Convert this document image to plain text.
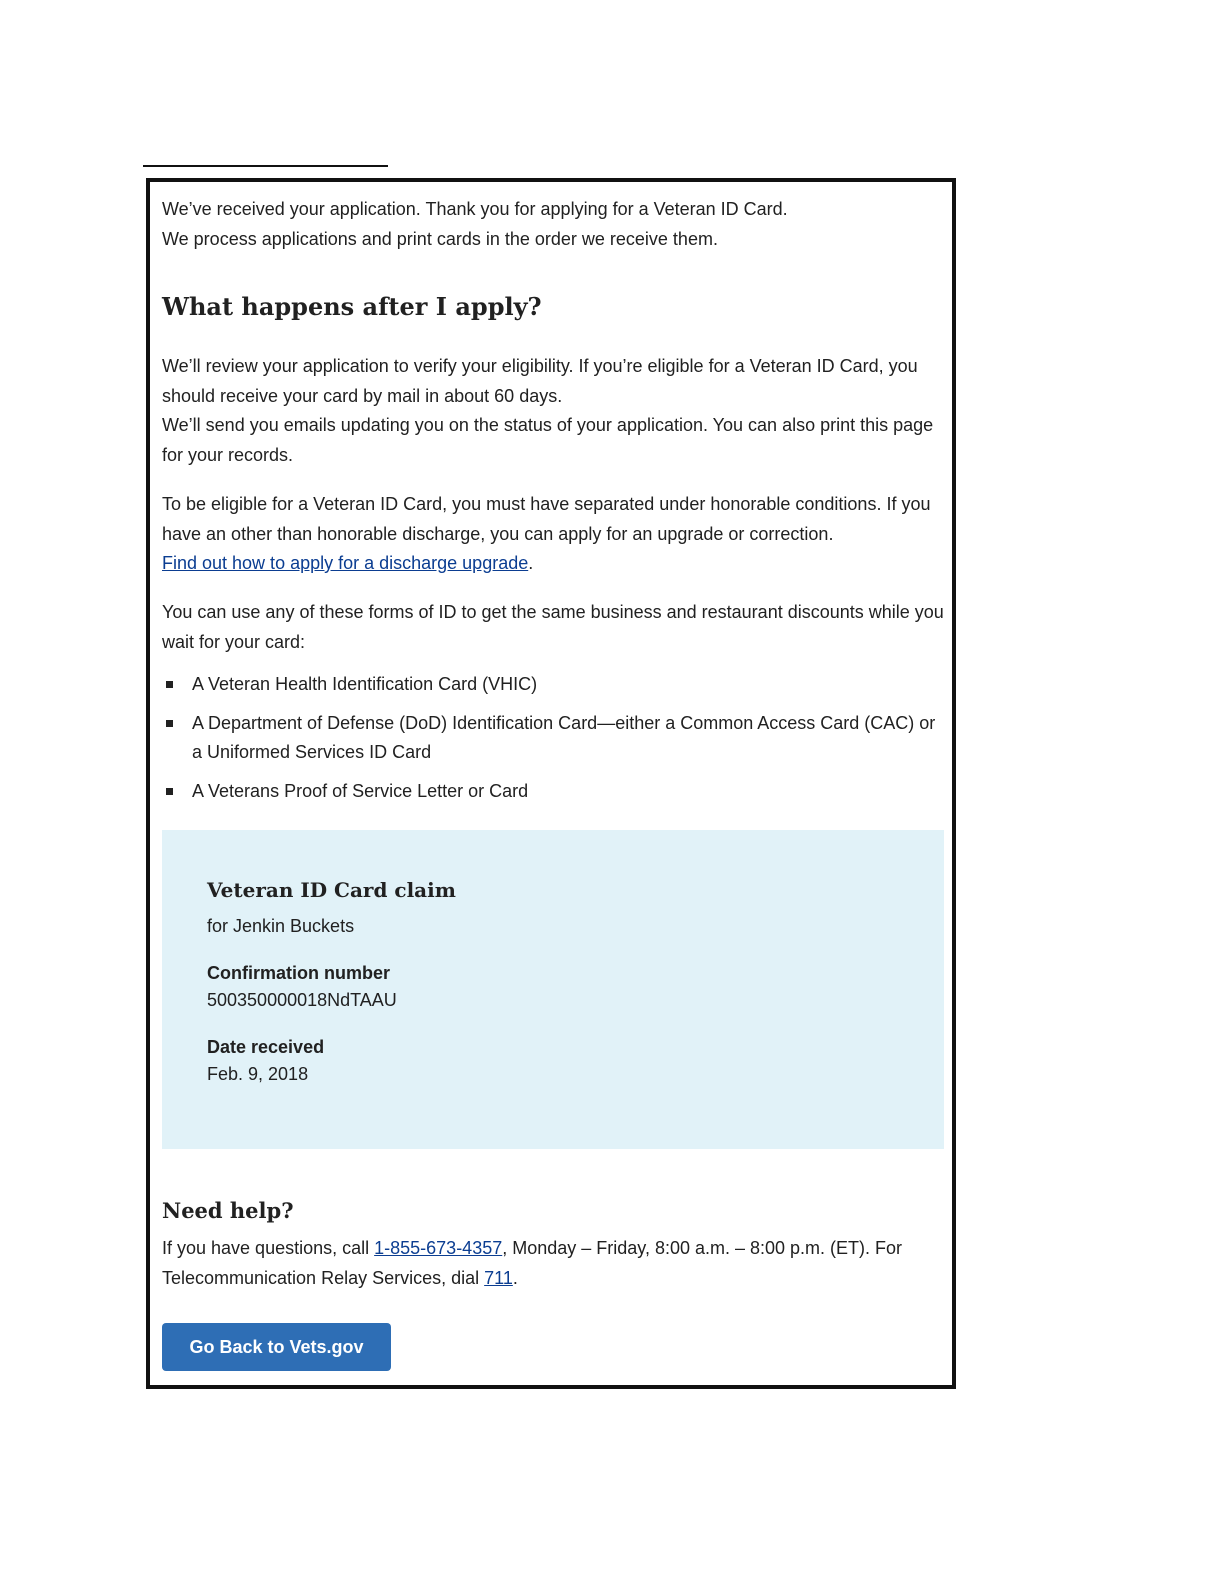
We’ve received your application. Thank you for applying for a Veteran ID Card.

We process applications and print cards in the order we receive them.

What happens after I apply?

We’ll review your application to verify your eligibility. If you’re eligible for a Veteran ID Card, you should receive your card by mail in about 60 days.

We’ll send you emails updating you on the status of your application. You can also print this page for your records.

To be eligible for a Veteran ID Card, you must have separated under honorable conditions. If you have an other than honorable discharge, you can apply for an upgrade or correction.
Find out how to apply for a discharge upgrade.

You can use any of these forms of ID to get the same business and restaurant discounts while you wait for your card:

A Veteran Health Identification Card (VHIC)
A Department of Defense (DoD) Identification Card—either a Common Access Card (CAC) or a Uniformed Services ID Card
A Veterans Proof of Service Letter or Card
Veteran ID Card claim
for Jenkin Buckets
Confirmation number
500350000018NdTAAU
Date received
Feb. 9, 2018
Need help?
If you have questions, call 1-855-673-4357, Monday – Friday, 8:00 a.m. – 8:00 p.m. (ET). For Telecommunication Relay Services, dial 711.
Go Back to Vets.gov
